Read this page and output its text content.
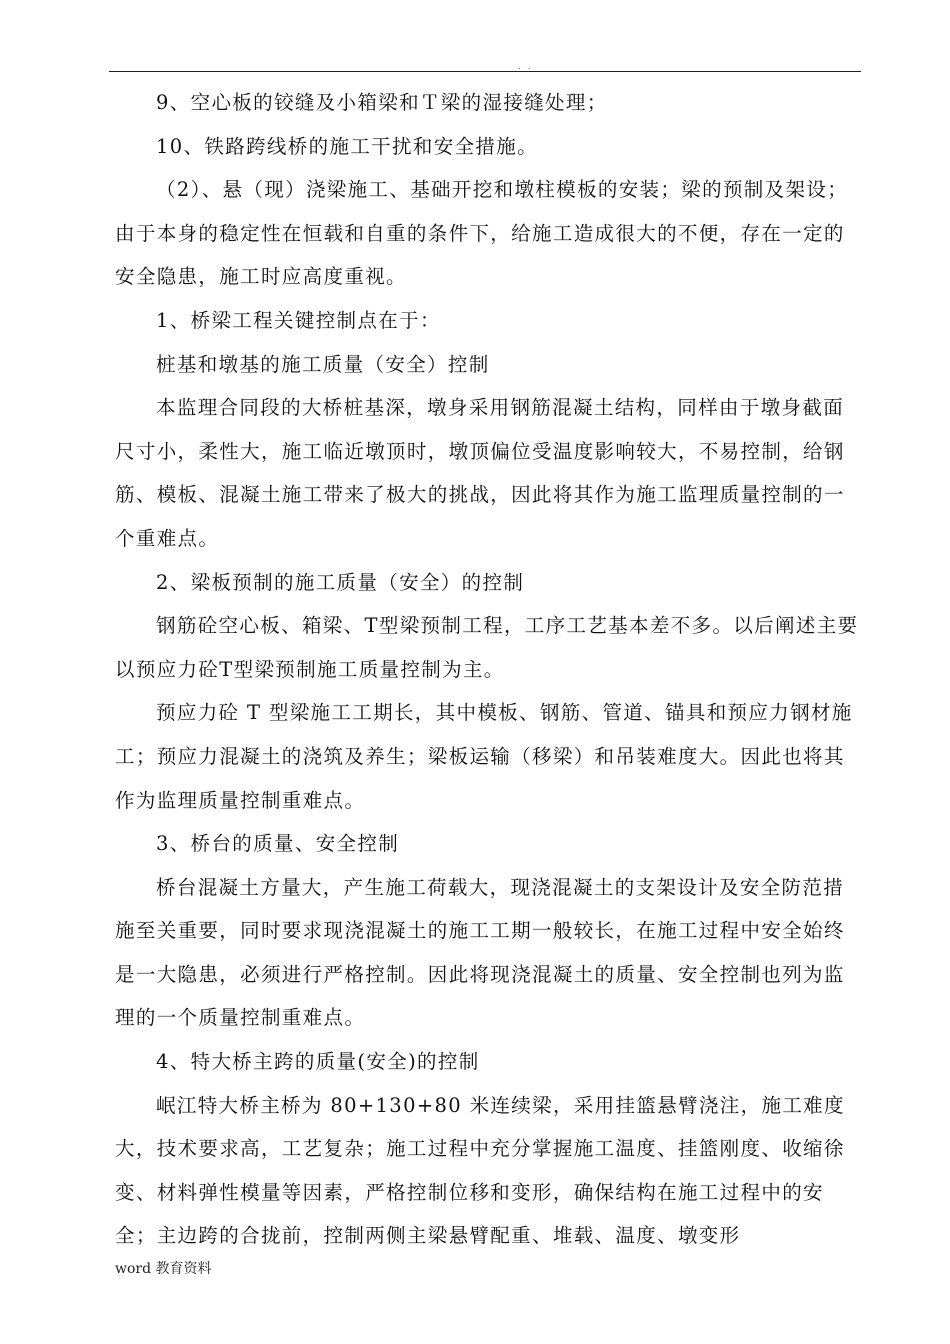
. .

9、空心板的铰缝及小箱梁和Ｔ梁的湿接缝处理；

10、铁路跨线桥的施工干扰和安全措施。

（2）、悬（现）浇梁施工、基础开挖和墩柱模板的安装；梁的预制及架设；由于本身的稳定性在恒载和自重的条件下，给施工造成很大的不便，存在一定的安全隐患，施工时应高度重视。

1、桥梁工程关键控制点在于：

桩基和墩基的施工质量（安全）控制

本监理合同段的大桥桩基深，墩身采用钢筋混凝土结构，同样由于墩身截面尺寸小，柔性大，施工临近墩顶时，墩顶偏位受温度影响较大，不易控制，给钢筋、模板、混凝土施工带来了极大的挑战，因此将其作为施工监理质量控制的一个重难点。

2、梁板预制的施工质量（安全）的控制

钢筋砼空心板、箱梁、T型梁预制工程，工序工艺基本差不多。以后阐述主要以预应力砼T型梁预制施工质量控制为主。

预应力砼 T 型梁施工工期长，其中模板、钢筋、管道、锚具和预应力钢材施工；预应力混凝土的浇筑及养生；梁板运输（移梁）和吊装难度大。因此也将其作为监理质量控制重难点。

3、桥台的质量、安全控制

桥台混凝土方量大，产生施工荷载大，现浇混凝土的支架设计及安全防范措施至关重要，同时要求现浇混凝土的施工工期一般较长，在施工过程中安全始终是一大隐患，必须进行严格控制。因此将现浇混凝土的质量、安全控制也列为监理的一个质量控制重难点。

4、特大桥主跨的质量(安全)的控制

岷江特大桥主桥为 80+130+80 米连续梁，采用挂篮悬臂浇注，施工难度大，技术要求高，工艺复杂；施工过程中充分掌握施工温度、挂篮刚度、收缩徐变、材料弹性模量等因素，严格控制位移和变形，确保结构在施工过程中的安全；主边跨的合拢前，控制两侧主梁悬臂配重、堆载、温度、墩变形

word 教育资料
